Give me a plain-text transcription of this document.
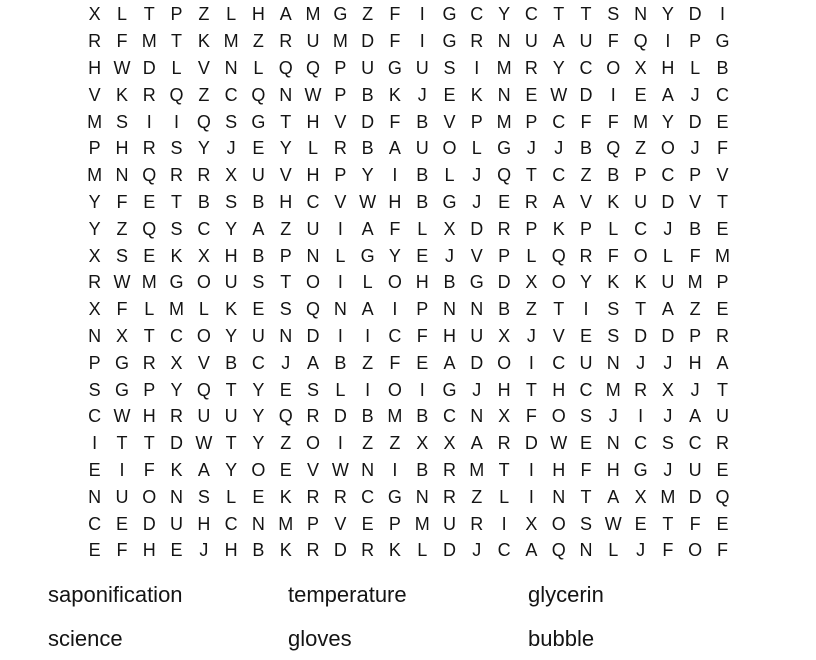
X L T P Z L H A M G Z F	I G C Y C T T S N Y D	I
R F M T K M Z R U M D F	I G R N U A U F Q I	P G
H W D L V N L Q Q P U G U S	I M R Y C O X H L B
V K R Q Z C Q N W P B K J E K N E W D	I	E A J C
M S	I	I Q S G T H V D F B V P M P C F F M Y D E
P H R S Y J E Y L R B A U O L G J	J B Q Z O J F
M N Q R R X U V H P Y	I	B L J Q T C Z B P C P V
Y F E T B S B H C V W H B G J E R A V K U D V T
Y Z Q S C Y A Z U	I	A F L X D R P K P L C J B E
X S E K X H B P N L G Y E J V P L Q R F O L F M
R W M G O U S T O I	L O H B G D X O Y K K U M P
X F L M L K E S Q N A	I	P N N B Z T	I	S T A Z E
N X T C O Y U N D	I	I	C F H U X J V E S D D P R
P G R X V B C J A B Z F E A D O I	C U N J	J H A
S G P Y Q T Y E S L	I O I G J H T H C M R X J T
C W H R U U Y Q R D B M B C N X F O S J	I	J A U
I	T T D W T Y Z O I	Z Z X X A R D W E N C S C R
E	I	F K A Y O E V W N	I	B R M T	I	H F H G J U E
N U O N S L E K R R C G N R Z L	I	N T A X M D Q
C E D U H C N M P V E P M U R	I	X O S W E T F E
E F H E J H B K R D R K L D J C A Q N L J F O F
saponification	temperature	glycerin
science	gloves	bubble
